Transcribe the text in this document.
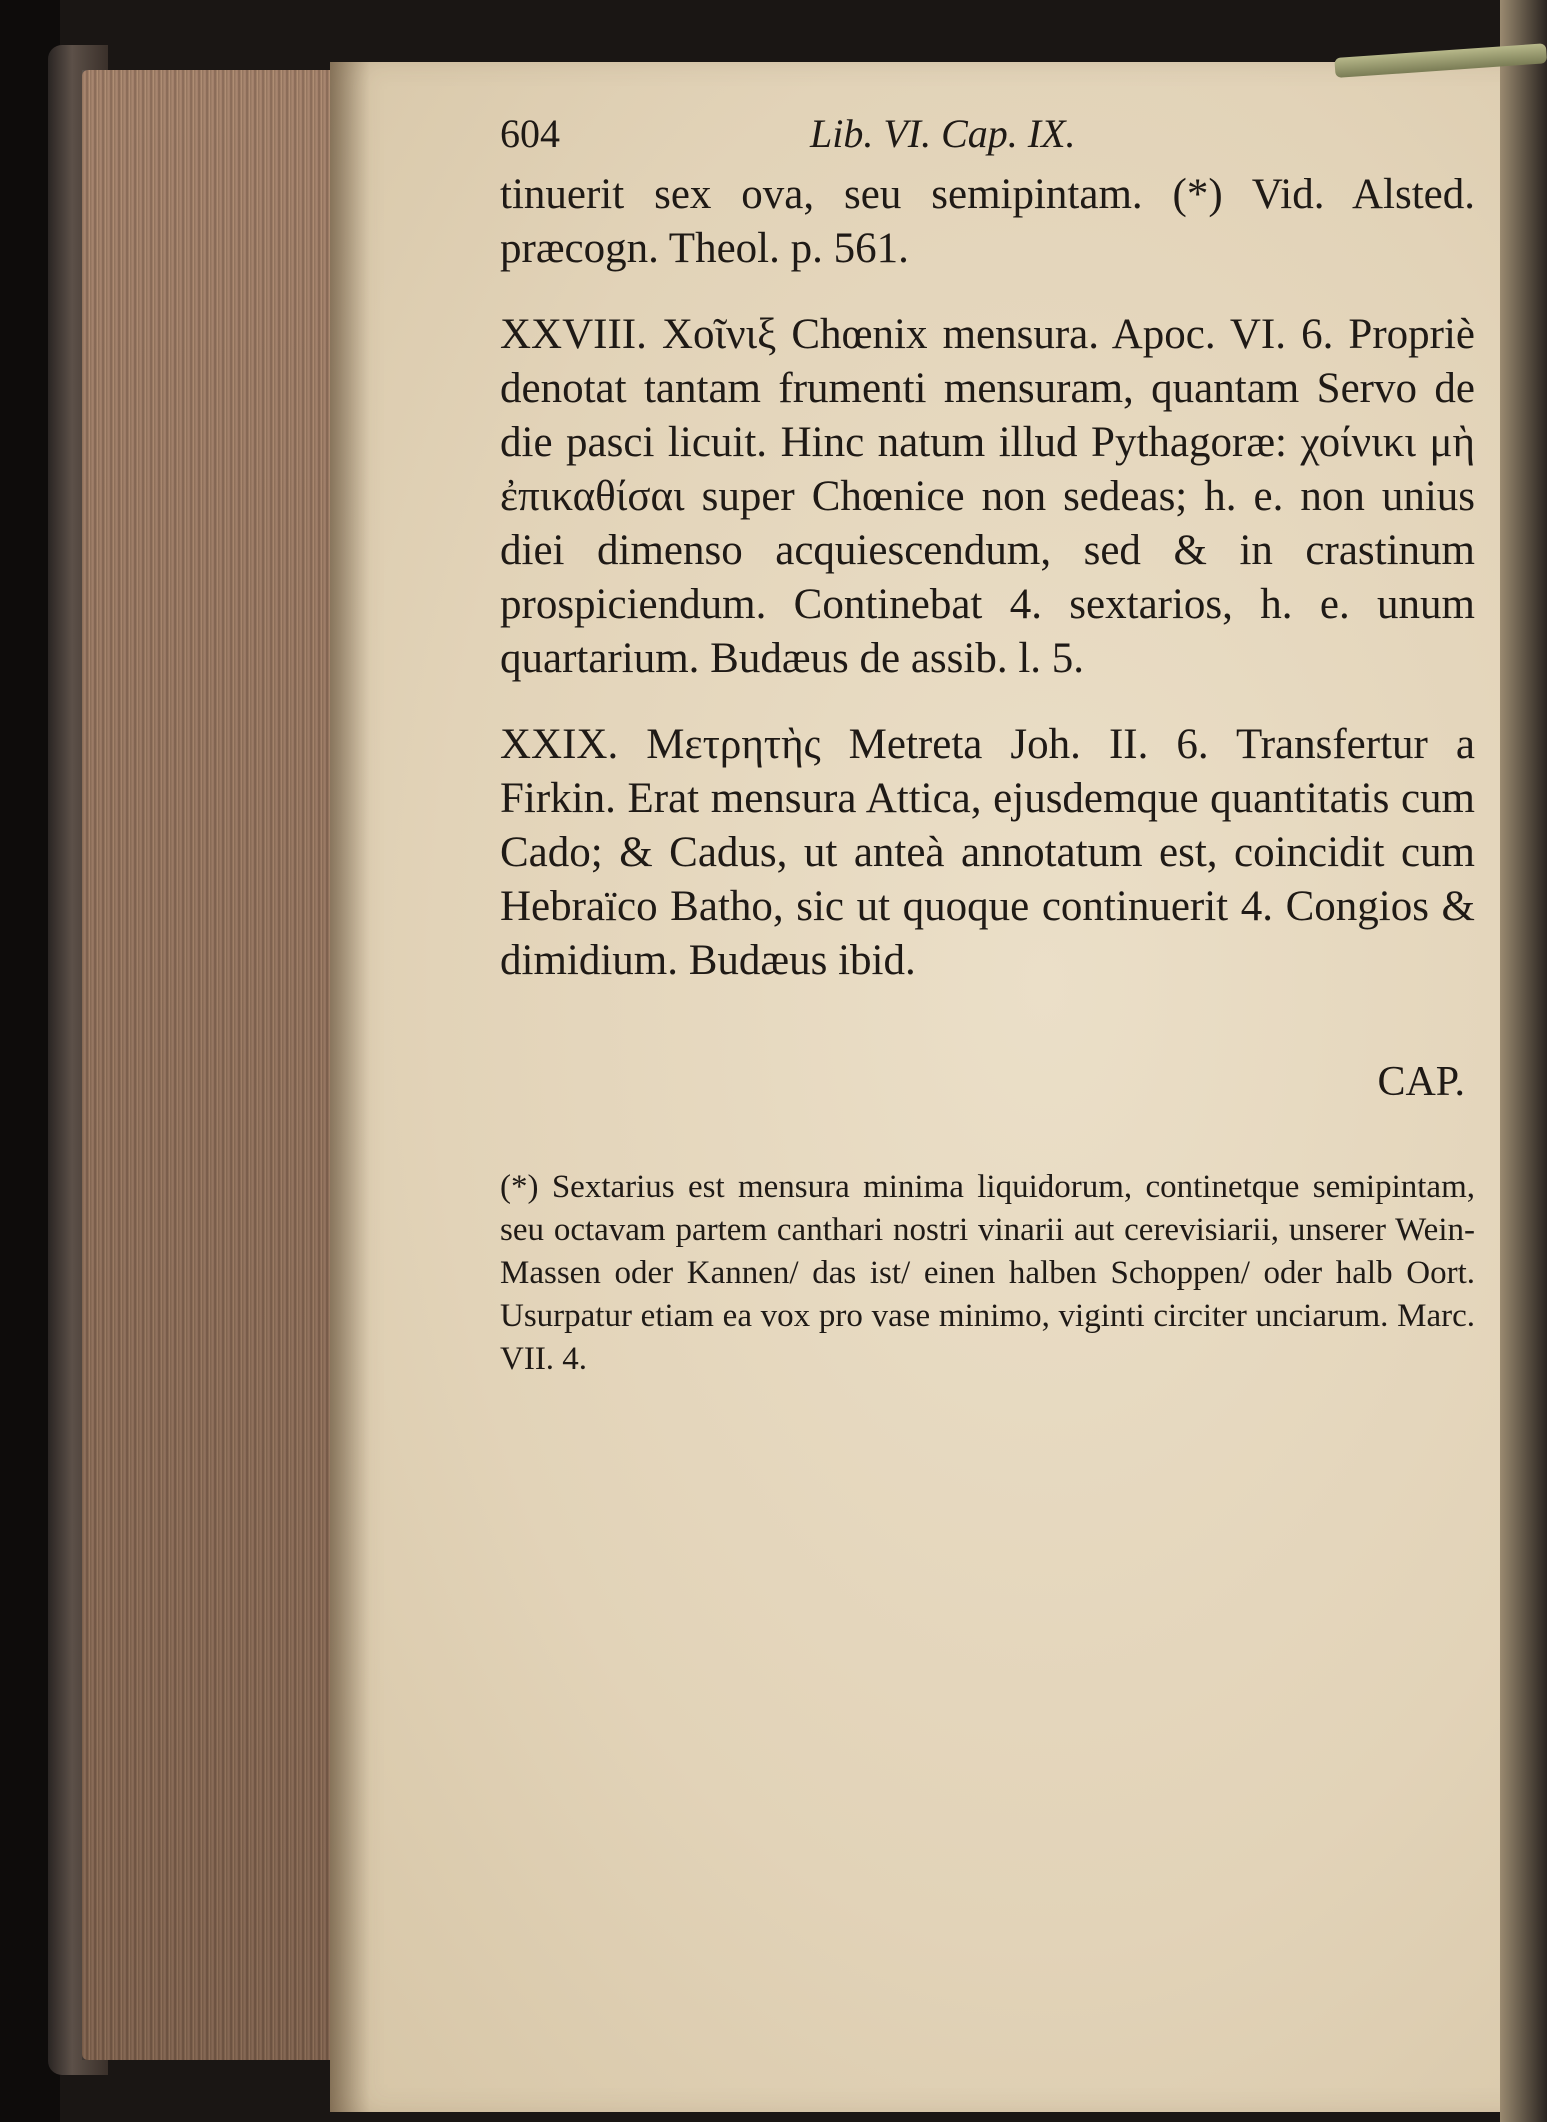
604	Lib. VI. Cap. IX.

tinuerit sex ova, seu semipintam. (*) Vid. Alsted. præcogn. Theol. p. 561.

XXVIII. Χοῖνιξ Chœnix mensura. Apoc. VI. 6. Propriè denotat tantam frumenti mensuram, quantam Servo de die pasci licuit. Hinc natum illud Pythagoræ: χοίνικι μὴ ἐπικαθίσαι super Chœnice non sedeas; h. e. non unius diei dimenso acquiescendum, sed & in crastinum prospiciendum. Continebat 4. sextarios, h. e. unum quartarium. Budæus de assib. l. 5.

XXIX. Μετρητὴς Metreta Joh. II. 6. Transfertur a Firkin. Erat mensura Attica, ejusdemque quantitatis cum Cado; & Cadus, ut anteà annotatum est, coincidit cum Hebraïco Batho, sic ut quoque continuerit 4. Congios & dimidium. Budæus ibid.

CAP.

(*) Sextarius est mensura minima liquidorum, continetque semipintam, seu octavam partem canthari nostri vinarii aut cerevisiarii, unserer Wein-Massen oder Kannen/ das ist/ einen halben Schoppen/ oder halb Oort. Usurpatur etiam ea vox pro vase minimo, viginti circiter unciarum. Marc. VII. 4.
